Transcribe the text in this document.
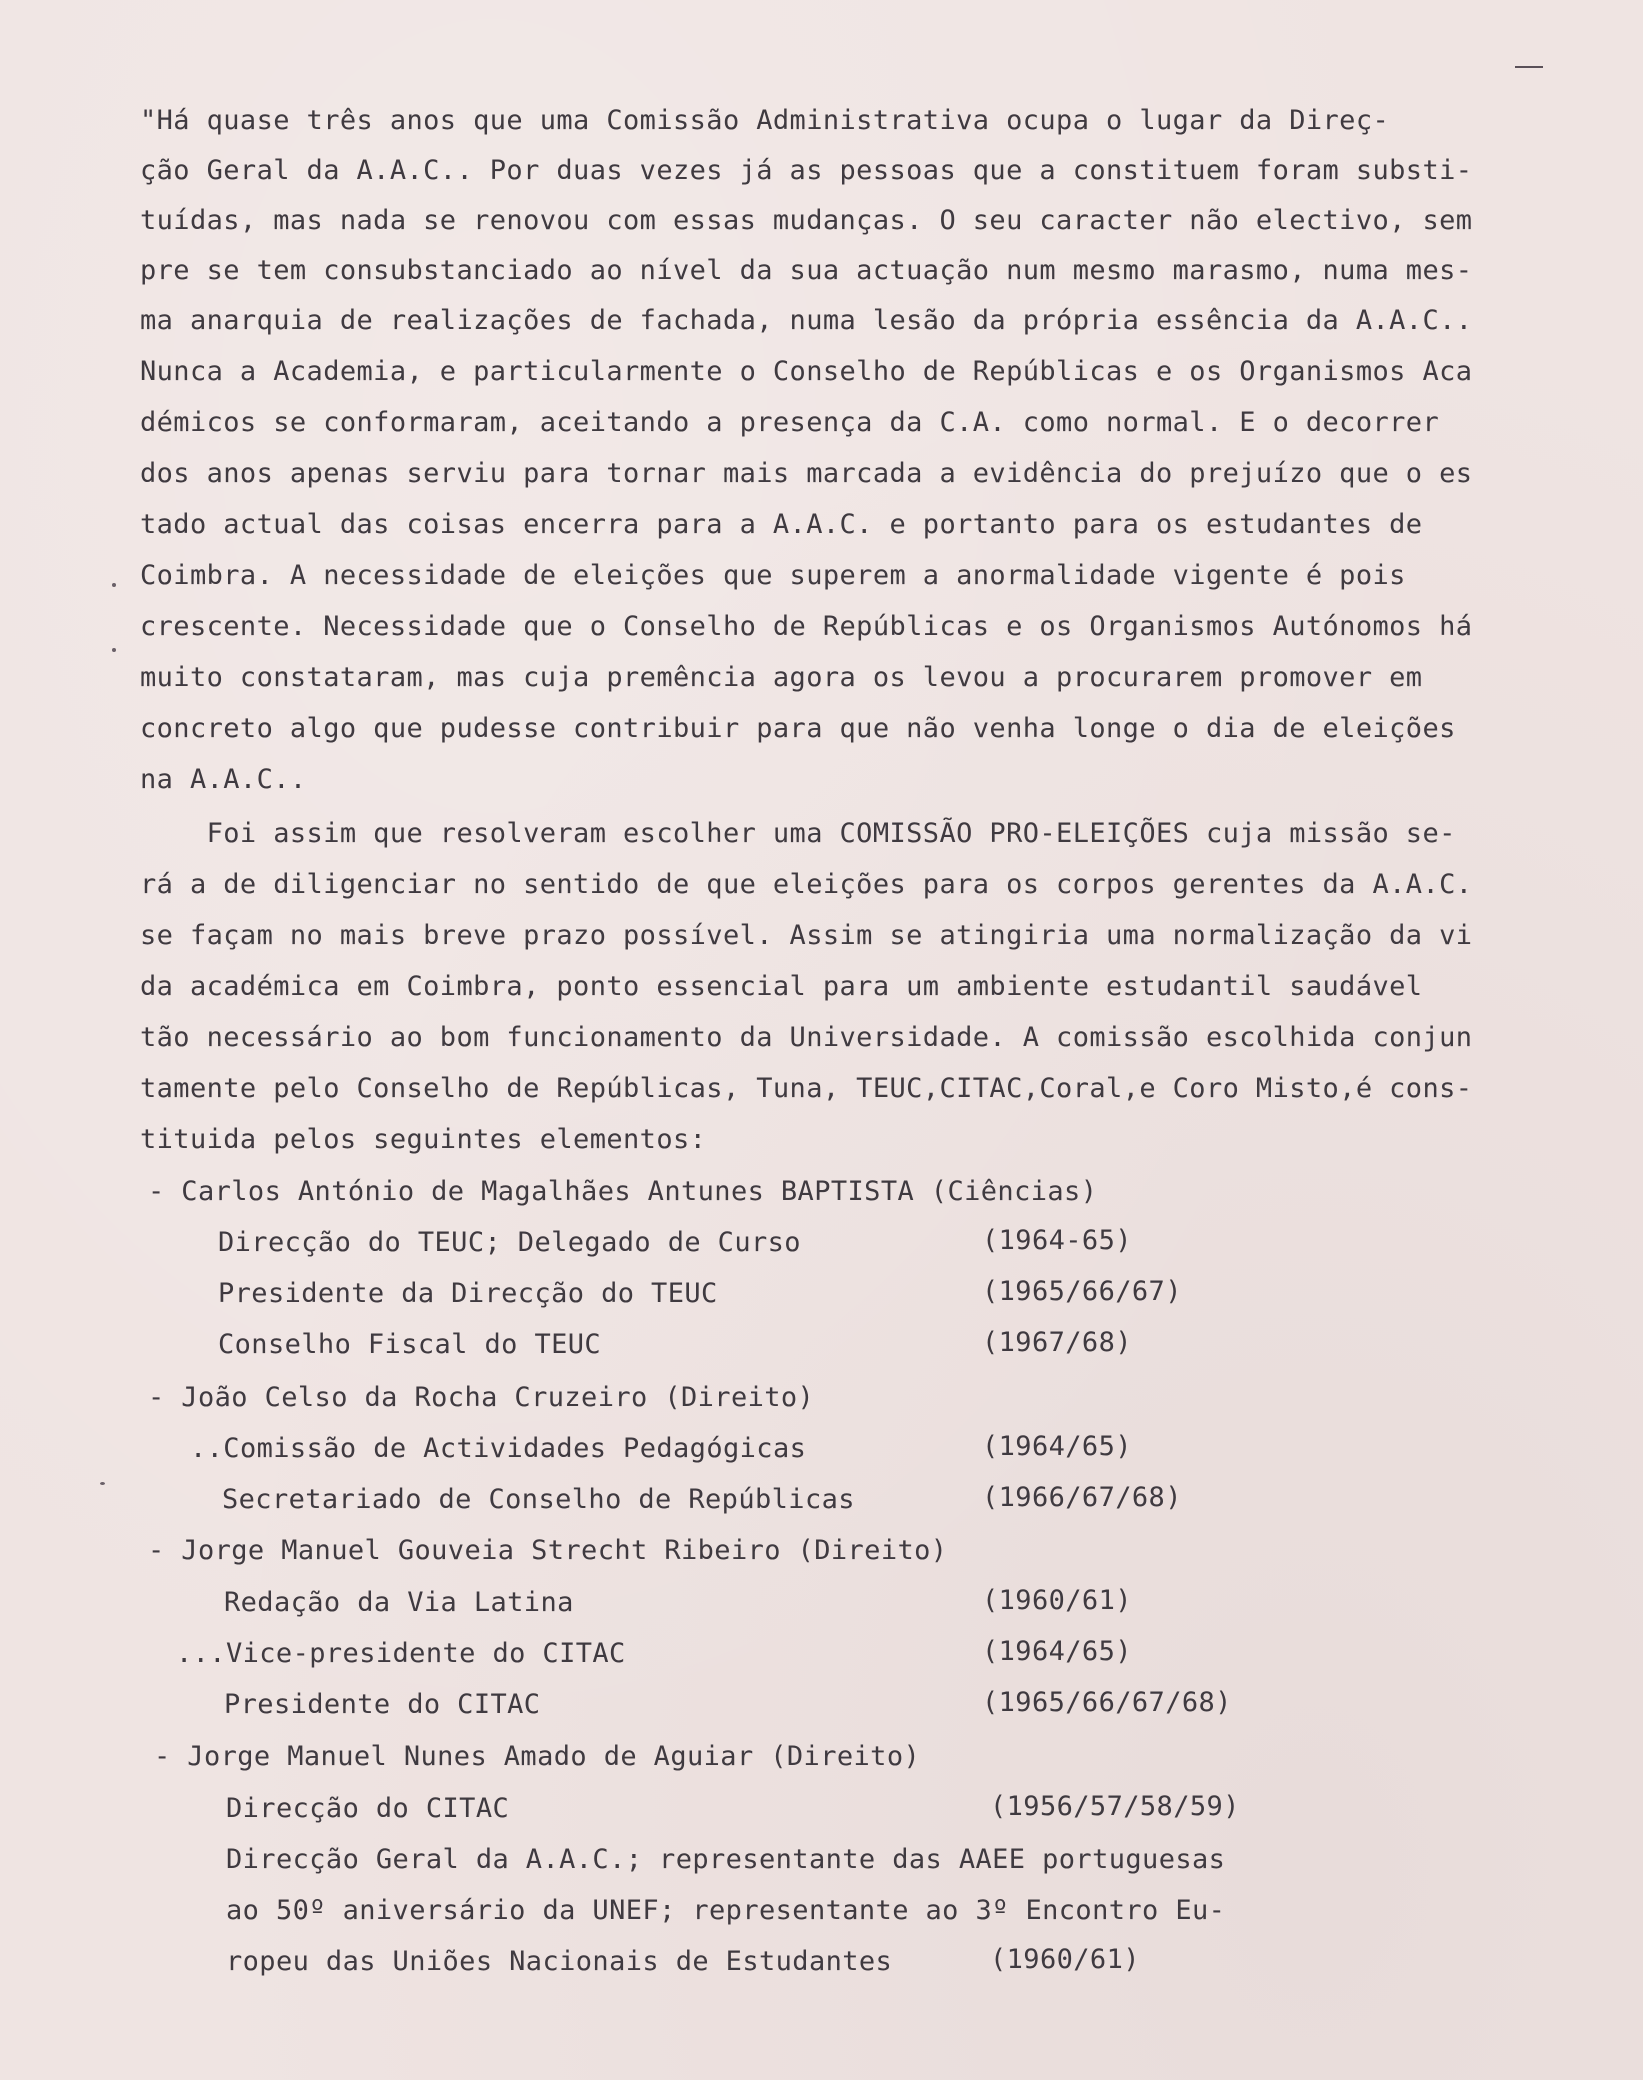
"Há quase três anos que uma Comissão Administrativa ocupa o lugar da Direç-
ção Geral da A.A.C.. Por duas vezes já as pessoas que a constituem foram substi-
tuídas, mas nada se renovou com essas mudanças. O seu caracter não electivo, sem
pre se tem consubstanciado ao nível da sua actuação num mesmo marasmo, numa mes-
ma anarquia de realizações de fachada, numa lesão da própria essência da A.A.C..
Nunca a Academia, e particularmente o Conselho de Repúblicas e os Organismos Aca
démicos se conformaram, aceitando a presença da C.A. como normal. E o decorrer
dos anos apenas serviu para tornar mais marcada a evidência do prejuízo que o es
tado actual das coisas encerra para a A.A.C. e portanto para os estudantes de
Coimbra. A necessidade de eleições que superem a anormalidade vigente é pois
crescente. Necessidade que o Conselho de Repúblicas e os Organismos Autónomos há
muito constataram, mas cuja premência agora os levou a procurarem promover em
concreto algo que pudesse contribuir para que não venha longe o dia de eleições
na A.A.C..
Foi assim que resolveram escolher uma COMISSÃO PRO-ELEIÇÕES cuja missão se-
rá a de diligenciar no sentido de que eleições para os corpos gerentes da A.A.C.
se façam no mais breve prazo possível. Assim se atingiria uma normalização da vi
da académica em Coimbra, ponto essencial para um ambiente estudantil saudável
tão necessário ao bom funcionamento da Universidade. A comissão escolhida conjun
tamente pelo Conselho de Repúblicas, Tuna, TEUC,CITAC,Coral,e Coro Misto,é cons-
tituida pelos seguintes elementos:
- Carlos António de Magalhães Antunes BAPTISTA (Ciências)
Direcção do TEUC; Delegado de Curso	(1964-65)
Presidente da Direcção do TEUC	(1965/66/67)
Conselho Fiscal do TEUC	(1967/68)
- João Celso da Rocha Cruzeiro (Direito)
..Comissão de Actividades Pedagógicas	(1964/65)
Secretariado de Conselho de Repúblicas	(1966/67/68)
- Jorge Manuel Gouveia Strecht Ribeiro (Direito)
Redação da Via Latina	(1960/61)
...Vice-presidente do CITAC	(1964/65)
Presidente do CITAC	(1965/66/67/68)
- Jorge Manuel Nunes Amado de Aguiar (Direito)
Direcção do CITAC	(1956/57/58/59)
Direcção Geral da A.A.C.; representante das AAEE portuguesas
ao 50º aniversário da UNEF; representante ao 3º Encontro Eu-
ropeu das Uniões Nacionais de Estudantes	(1960/61)
